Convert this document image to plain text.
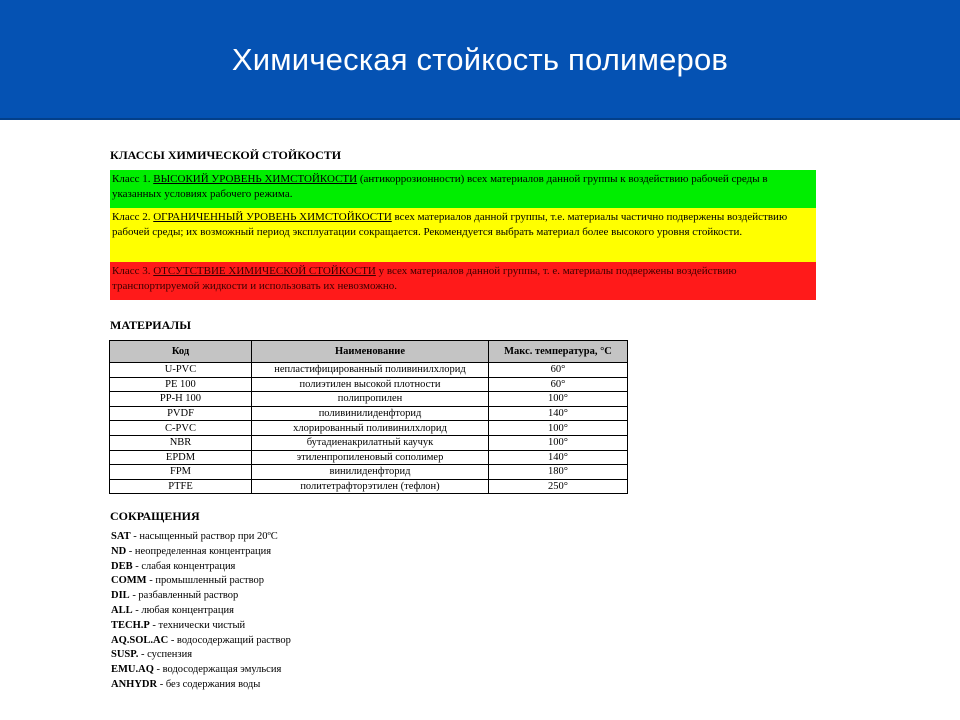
Химическая стойкость полимеров
КЛАССЫ ХИМИЧЕСКОЙ СТОЙКОСТИ
Класс 1. ВЫСОКИЙ УРОВЕНЬ ХИМСТОЙКОСТИ (антикоррозионности) всех материалов данной группы к воздействию рабочей среды в указанных условиях рабочего режима.
Класс 2. ОГРАНИЧЕННЫЙ УРОВЕНЬ ХИМСТОЙКОСТИ всех материалов данной группы, т.е. материалы частично подвержены воздействию рабочей среды; их возможный период эксплуатации сокращается. Рекомендуется выбрать материал более высокого уровня стойкости.
Класс 3. ОТСУТСТВИЕ ХИМИЧЕСКОЙ СТОЙКОСТИ у всех материалов данной группы, т. е. материалы подвержены воздействию транспортируемой жидкости и использовать их невозможно.
МАТЕРИАЛЫ
Код	Наименование	Макс. температура, °С
U-PVC	непластифицированный поливинилхлорид	60°
PE 100	полиэтилен высокой плотности	60°
PP-H 100	полипропилен	100°
PVDF	поливинилиденфторид	140°
C-PVC	хлорированный поливинилхлорид	100°
NBR	бутадиенакрилатный каучук	100°
EPDM	этиленпропиленовый сополимер	140°
FPM	винилиденфторид	180°
PTFE	политетрафторэтилен (тефлон)	250°
СОКРАЩЕНИЯ
SAT - насыщенный раствор при 20ºС
ND - неопределенная концентрация
DEB - слабая концентрация
COMM - промышленный раствор
DIL - разбавленный раствор
ALL - любая концентрация
TECH.P - технически чистый
AQ.SOL.AC - водосодержащий раствор
SUSP. - суспензия
EMU.AQ - водосодержащая эмульсия
ANHYDR - без содержания воды
